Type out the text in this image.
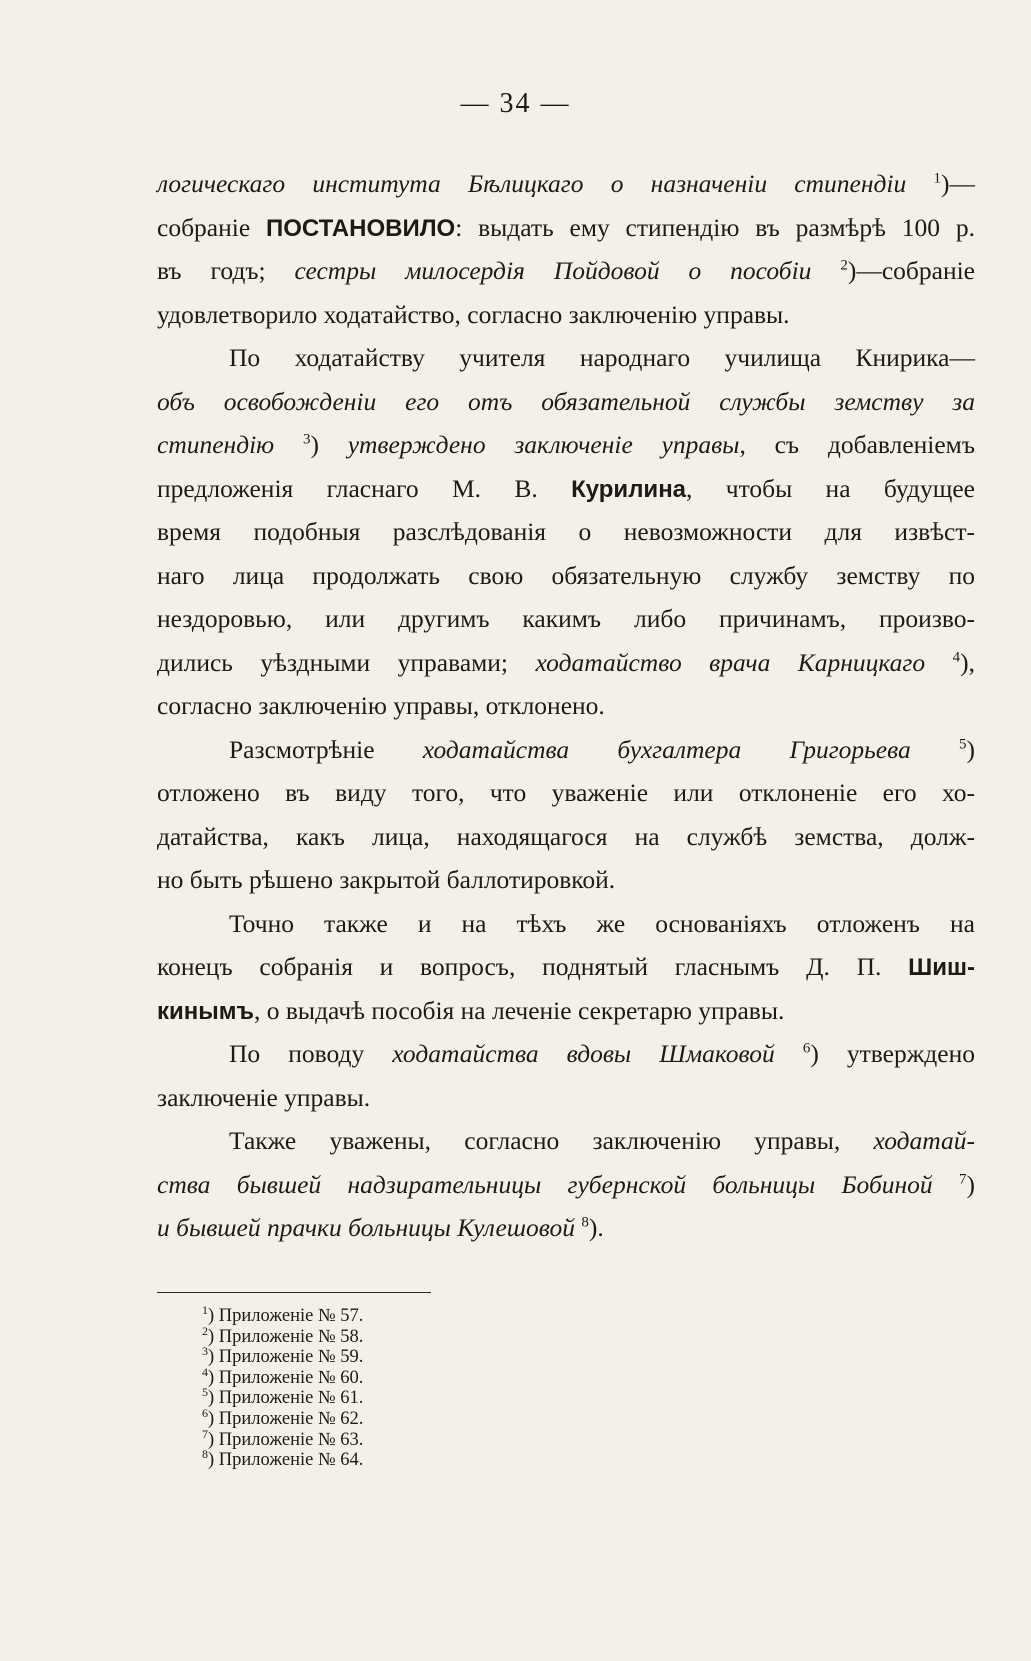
— 34 —
логическаго института Бѣлицкаго о назначеніи стипендіи $^1$)—
собраніе ПОСТАНОВИЛО: выдать ему стипендію въ размѣрѣ 100 р.
въ годъ; сестры милосердія Пойдовой о пособіи $^2$)—собраніе
удовлетворило ходатайство, согласно заключенію управы.
По ходатайству учителя народнаго училища Книрика—
объ освобожденіи его отъ обязательной службы земству за
стипендію $^3$) утверждено заключеніе управы, съ добавленіемъ
предложенія гласнаго М. В. Курилина, чтобы на будущее
время подобныя разслѣдованія о невозможности для извѣст-
наго лица продолжать свою обязательную службу земству по
нездоровью, или другимъ какимъ либо причинамъ, произво-
дились уѣздными управами; ходатайство врача Карницкаго $^4$),
согласно заключенію управы, отклонено.
Разсмотрѣніе ходатайства бухгалтера Григорьева	$^5$)
отложено въ виду того, что уваженіе или отклоненіе его хо-
датайства, какъ лица, находящагося на службѣ земства, долж-
но быть рѣшено закрытой баллотировкой.
Точно также и на тѣхъ же основаніяхъ отложенъ на
конецъ собранія и вопросъ, поднятый гласнымъ Д. П. Шиш-
кинымъ, о выдачѣ пособія на леченіе секретарю управы.
По поводу ходатайства вдовы Шмаковой $^6$) утверждено
заключеніе управы.
Также уважены, согласно заключенію управы, ходатай-
ства бывшей надзирательницы губернской больницы Бобиной $^7$)
и бывшей прачки больницы Кулешовой $^8$).
$^1$) Приложеніе № 57.
$^2$) Приложеніе № 58.
$^3$) Приложеніе № 59.
$^4$) Приложеніе № 60.
$^5$) Приложеніе № 61.
$^6$) Приложеніе № 62.
$^7$) Приложеніе № 63.
$^8$) Приложеніе № 64.
